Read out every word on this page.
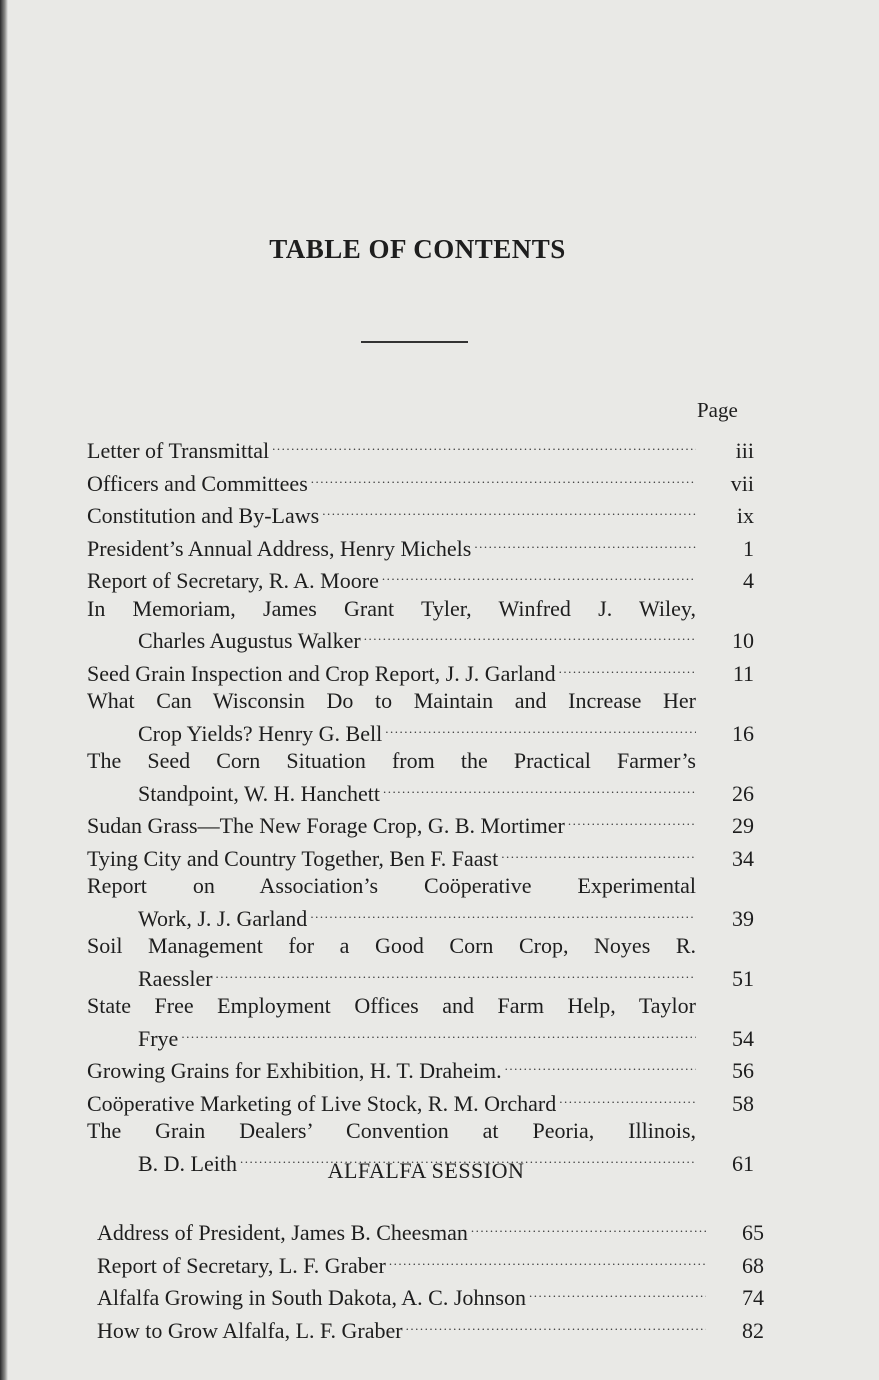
TABLE OF CONTENTS
Page
Letter of Transmittal .....	iii
Officers and Committees .....	vii
Constitution and By-Laws .....	ix
President’s Annual Address, Henry Michels .....	1
Report of Secretary, R. A. Moore .....	4
In Memoriam, James Grant Tyler, Winfred J. Wiley,
Charles Augustus Walker .....	10
Seed Grain Inspection and Crop Report, J. J. Garland .....	11
What Can Wisconsin Do to Maintain and Increase Her
Crop Yields? Henry G. Bell .....	16
The Seed Corn Situation from the Practical Farmer’s
Standpoint, W. H. Hanchett .....	26
Sudan Grass—The New Forage Crop, G. B. Mortimer .....	29
Tying City and Country Together, Ben F. Faast .....	34
Report on Association’s Coöperative Experimental
Work, J. J. Garland .....	39
Soil Management for a Good Corn Crop, Noyes R.
Raessler .....	51
State Free Employment Offices and Farm Help, Taylor
Frye .....	54
Growing Grains for Exhibition, H. T. Draheim. .....	56
Coöperative Marketing of Live Stock, R. M. Orchard .....	58
The Grain Dealers’ Convention at Peoria, Illinois,
B. D. Leith .....	61
ALFALFA SESSION
Address of President, James B. Cheesman .....	65
Report of Secretary, L. F. Graber .....	68
Alfalfa Growing in South Dakota, A. C. Johnson .....	74
How to Grow Alfalfa, L. F. Graber .....	82
